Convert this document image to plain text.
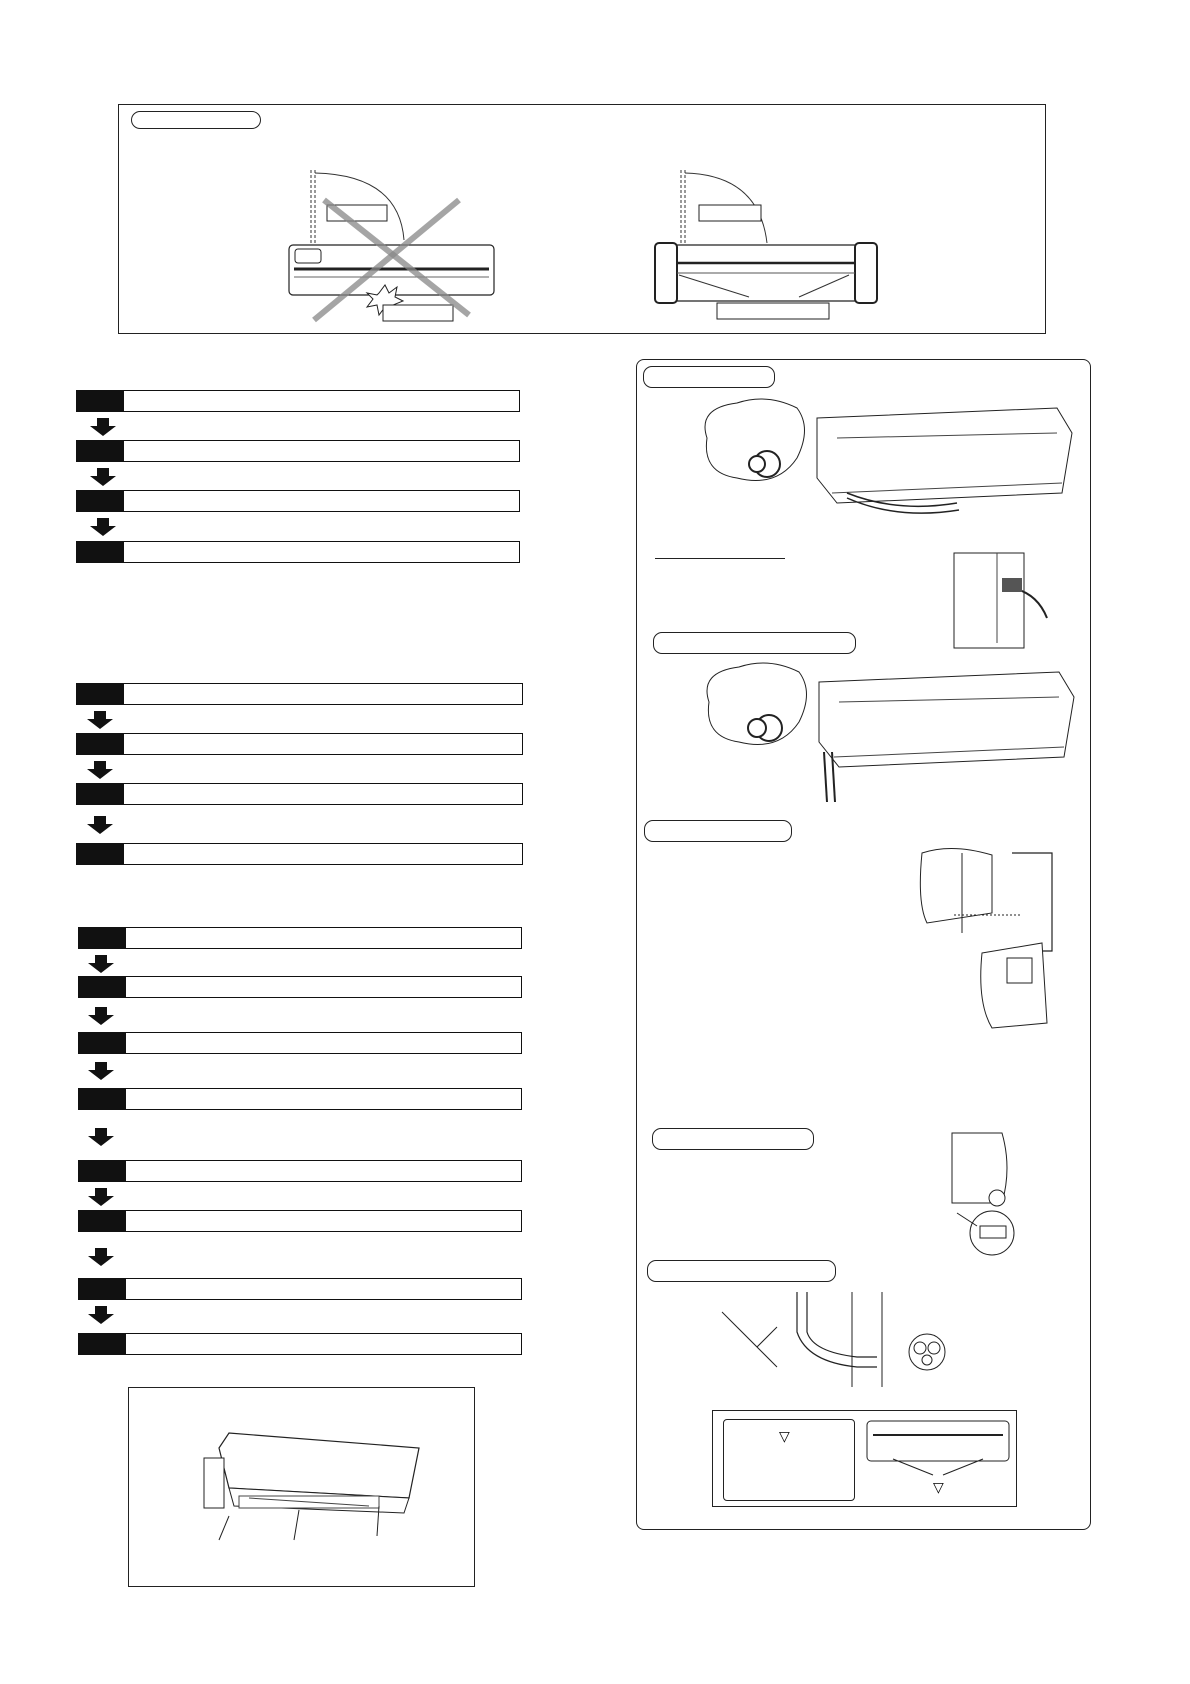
▽
▽
